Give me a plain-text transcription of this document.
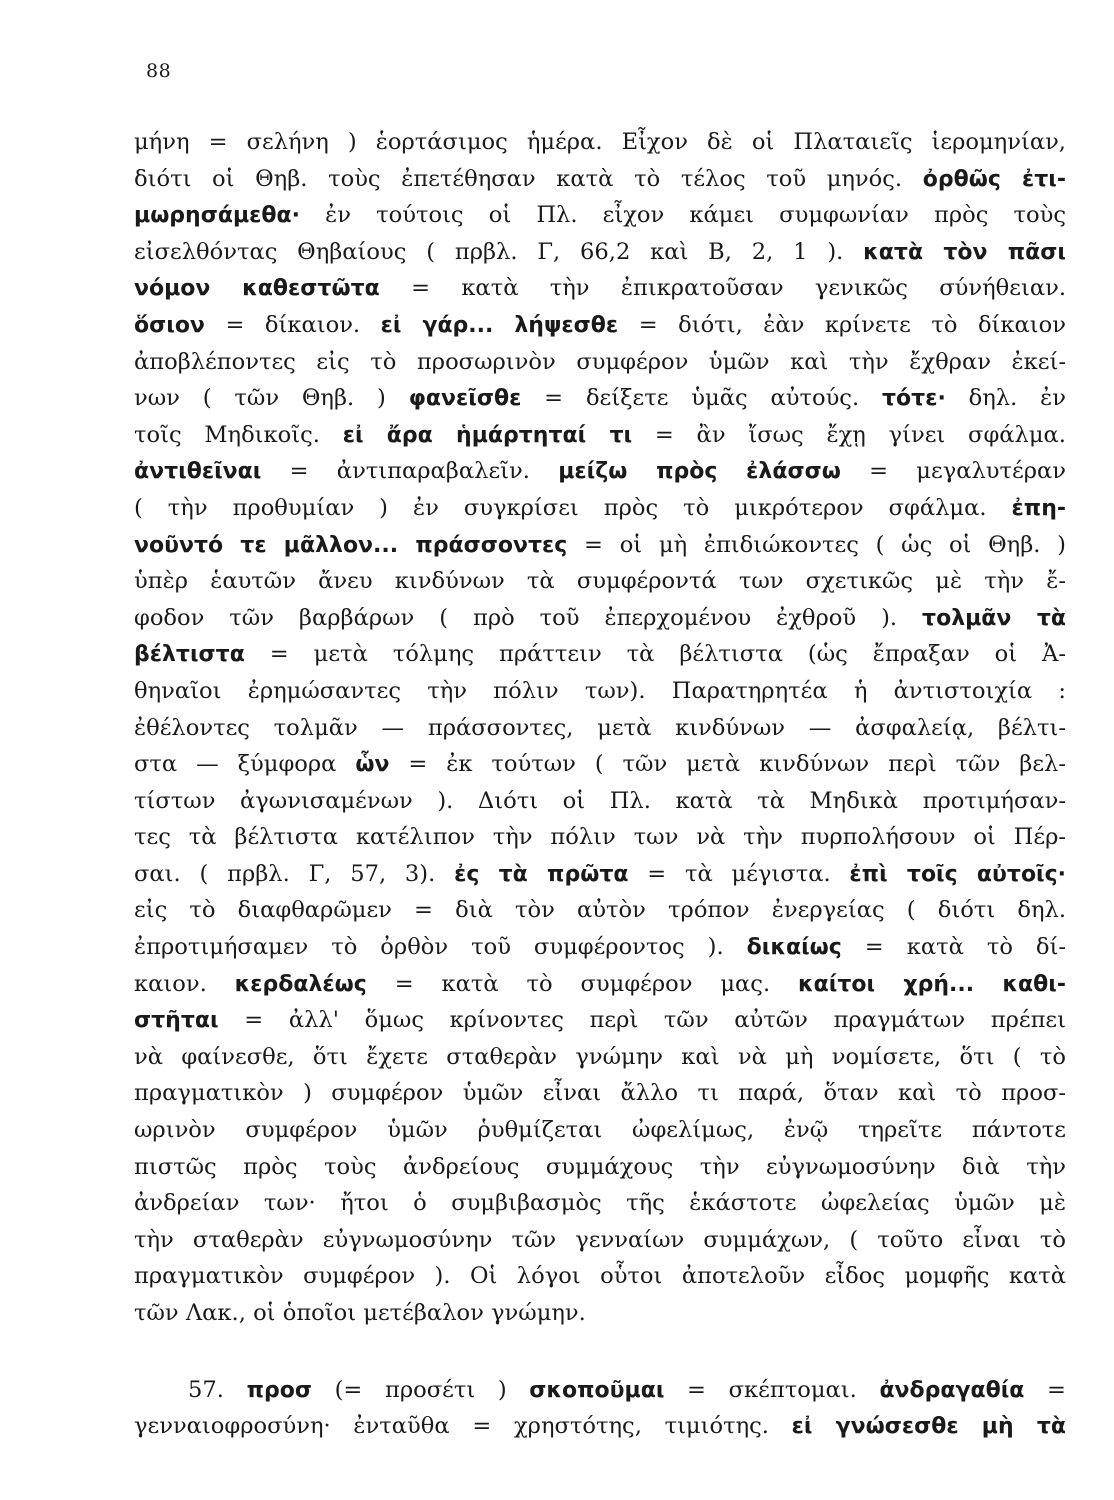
88
μήνη = σελήνη ) ἑορτάσιμος ἡμέρα. Εἶχον δὲ οἱ Πλαταιεῖς ἱερομηνίαν,
διότι οἱ Θηβ. τοὺς ἐπετέθησαν κατὰ τὸ τέλος τοῦ μηνός. ὀρθῶς ἐτι-
μωρησάμεθα· ἐν τούτοις οἱ Πλ. εἶχον κάμει συμφωνίαν πρὸς τοὺς
εἰσελθόντας Θηβαίους ( πρβλ. Γ, 66,2 καὶ Β, 2, 1 ). κατὰ τὸν πᾶσι
νόμον καθεστῶτα = κατὰ τὴν ἐπικρατοῦσαν γενικῶς σύνήθειαν.
ὅσιον = δίκαιον. εἰ γάρ... λήψεσθε = διότι, ἐὰν κρίνετε τὸ δίκαιον
ἀποβλέποντες εἰς τὸ προσωρινὸν συμφέρον ὑμῶν καὶ τὴν ἔχθραν ἐκεί-
νων ( τῶν Θηβ. ) φανεῖσθε = δείξετε ὑμᾶς αὐτούς. τότε· δηλ. ἐν
τοῖς Μηδικοῖς. εἰ ἄρα ἡμάρτηταί τι = ἂν ἴσως ἔχῃ γίνει σφάλμα.
ἀντιθεῖναι = ἀντιπαραβαλεῖν. μείζω πρὸς ἐλάσσω = μεγαλυτέραν
( τὴν προθυμίαν ) ἐν συγκρίσει πρὸς τὸ μικρότερον σφάλμα. ἐπη-
νοῦντό τε μᾶλλον... πράσσοντες = οἱ μὴ ἐπιδιώκοντες ( ὡς οἱ Θηβ. )
ὑπὲρ ἑαυτῶν ἄνευ κινδύνων τὰ συμφέροντά των σχετικῶς μὲ τὴν ἔ-
φοδον τῶν βαρβάρων ( πρὸ τοῦ ἐπερχομένου ἐχθροῦ ). τολμᾶν τὰ
βέλτιστα = μετὰ τόλμης πράττειν τὰ βέλτιστα (ὡς ἔπραξαν οἱ Ἀ-
θηναῖοι ἐρημώσαντες τὴν πόλιν των). Παρατηρητέα ἡ ἀντιστοιχία :
ἐθέλοντες τολμᾶν — πράσσοντες, μετὰ κινδύνων — ἀσφαλείᾳ, βέλτι-
στα — ξύμφορα ὧν = ἐκ τούτων ( τῶν μετὰ κινδύνων περὶ τῶν βελ-
τίστων ἀγωνισαμένων ). Διότι οἱ Πλ. κατὰ τὰ Μηδικὰ προτιμήσαν-
τες τὰ βέλτιστα κατέλιπον τὴν πόλιν των νὰ τὴν πυρπολήσουν οἱ Πέρ-
σαι. ( πρβλ. Γ, 57, 3). ἐς τὰ πρῶτα = τὰ μέγιστα. ἐπὶ τοῖς αὐτοῖς·
εἰς τὸ διαφθαρῶμεν = διὰ τὸν αὐτὸν τρόπον ἐνεργείας ( διότι δηλ.
ἐπροτιμήσαμεν τὸ ὀρθὸν τοῦ συμφέροντος ). δικαίως = κατὰ τὸ δί-
καιον. κερδαλέως = κατὰ τὸ συμφέρον μας. καίτοι χρή... καθι-
στῆται = ἀλλ' ὅμως κρίνοντες περὶ τῶν αὐτῶν πραγμάτων πρέπει
νὰ φαίνεσθε, ὅτι ἔχετε σταθερὰν γνώμην καὶ νὰ μὴ νομίσετε, ὅτι ( τὸ
πραγματικὸν ) συμφέρον ὑμῶν εἶναι ἄλλο τι παρά, ὅταν καὶ τὸ προσ-
ωρινὸν συμφέρον ὑμῶν ῥυθμίζεται ὠφελίμως, ἐνῷ τηρεῖτε πάντοτε
πιστῶς πρὸς τοὺς ἀνδρείους συμμάχους τὴν εὐγνωμοσύνην διὰ τὴν
ἀνδρείαν των· ἤτοι ὁ συμβιβασμὸς τῆς ἑκάστοτε ὠφελείας ὑμῶν μὲ
τὴν σταθερὰν εὐγνωμοσύνην τῶν γενναίων συμμάχων, ( τοῦτο εἶναι τὸ
πραγματικὸν συμφέρον ). Οἱ λόγοι οὗτοι ἀποτελοῦν εἶδος μομφῆς κατὰ
τῶν Λακ., οἱ ὁποῖοι μετέβαλον γνώμην.
57. προσ (= προσέτι ) σκοποῦμαι = σκέπτομαι. ἀνδραγαθία =
γενναιοφροσύνη· ἐνταῦθα = χρηστότης, τιμιότης. εἰ γνώσεσθε μὴ τὰ
